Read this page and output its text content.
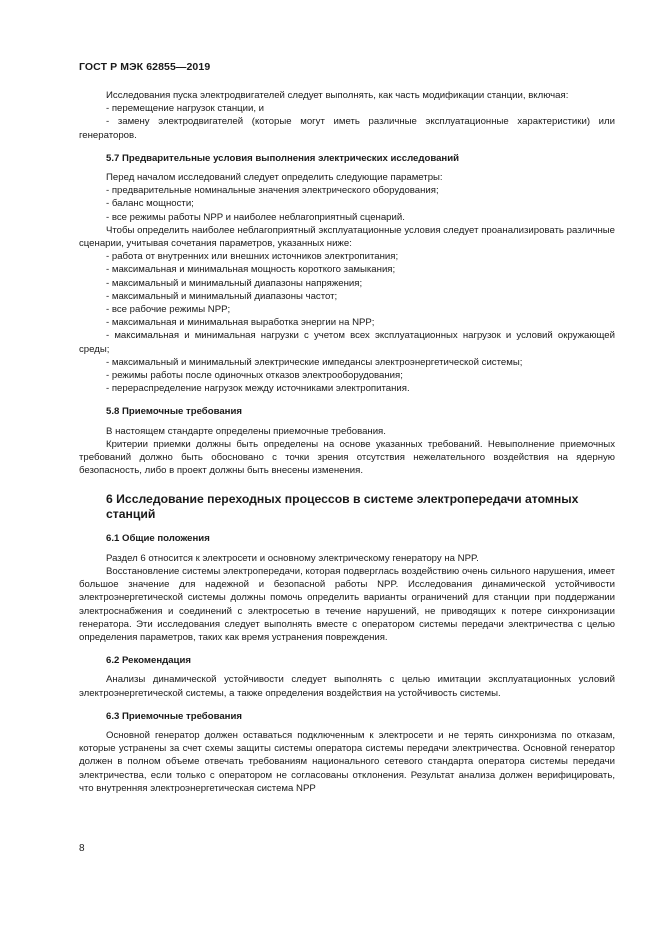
ГОСТ Р МЭК 62855—2019

Исследования пуска электродвигателей следует выполнять, как часть модификации станции, включая:

- перемещение нагрузок станции, и

- замену электродвигателей (которые могут иметь различные эксплуатационные характеристики) или генераторов.

5.7 Предварительные условия выполнения электрических исследований

Перед началом исследований следует определить следующие параметры:

- предварительные номинальные значения электрического оборудования;

- баланс мощности;

- все режимы работы NPP и наиболее неблагоприятный сценарий.

Чтобы определить наиболее неблагоприятный эксплуатационные условия следует проанализировать различные сценарии, учитывая сочетания параметров, указанных ниже:

- работа от внутренних или внешних источников электропитания;

- максимальная и минимальная мощность короткого замыкания;

- максимальный и минимальный диапазоны напряжения;

- максимальный и минимальный диапазоны частот;

- все рабочие режимы NPP;

- максимальная и минимальная выработка энергии на NPP;

- максимальная и минимальная нагрузки с учетом всех эксплуатационных нагрузок и условий окружающей среды;

- максимальный и минимальный электрические импедансы электроэнергетической системы;

- режимы работы после одиночных отказов электрооборудования;

- перераспределение нагрузок между источниками электропитания.

5.8 Приемочные требования

В настоящем стандарте определены приемочные требования.

Критерии приемки должны быть определены на основе указанных требований. Невыполнение приемочных требований должно быть обосновано с точки зрения отсутствия нежелательного воздействия на ядерную безопасность, либо в проект должны быть внесены изменения.

6 Исследование переходных процессов в системе электропередачи атомных станций
6.1 Общие положения

Раздел 6 относится к электросети и основному электрическому генератору на NPP.

Восстановление системы электропередачи, которая подверглась воздействию очень сильного нарушения, имеет большое значение для надежной и безопасной работы NPP. Исследования динамической устойчивости электроэнергетической системы должны помочь определить варианты ограничений для станции при поддержании электроснабжения и соединений с электросетью в течение нарушений, не приводящих к потере синхронизации генератора. Эти исследования следует выполнять вместе с оператором системы передачи электричества с целью определения параметров, таких как время устранения повреждения.

6.2 Рекомендация

Анализы динамической устойчивости следует выполнять с целью имитации эксплуатационных условий электроэнергетической системы, а также определения воздействия на устойчивость системы.

6.3 Приемочные требования

Основной генератор должен оставаться подключенным к электросети и не терять синхронизма по отказам, которые устранены за счет схемы защиты системы оператора системы передачи электричества. Основной генератор должен в полном объеме отвечать требованиям национального сетевого стандарта оператора системы передачи электричества, если только с оператором не согласованы отклонения. Результат анализа должен верифицировать, что внутренняя электроэнергетическая система NPP

8
